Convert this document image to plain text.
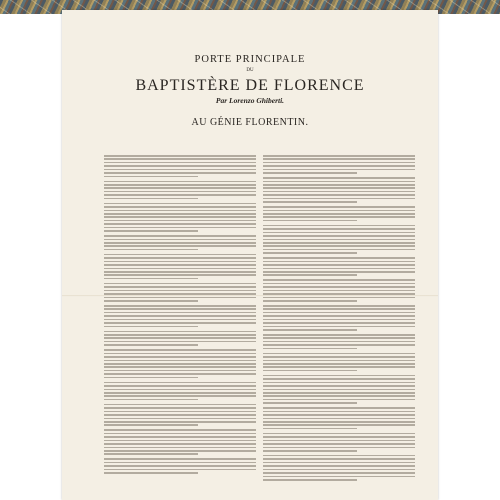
PORTE PRINCIPALE

DU

BAPTISTÈRE DE FLORENCE

Par Lorenzo Ghiberti.

AU GÉNIE FLORENTIN.
